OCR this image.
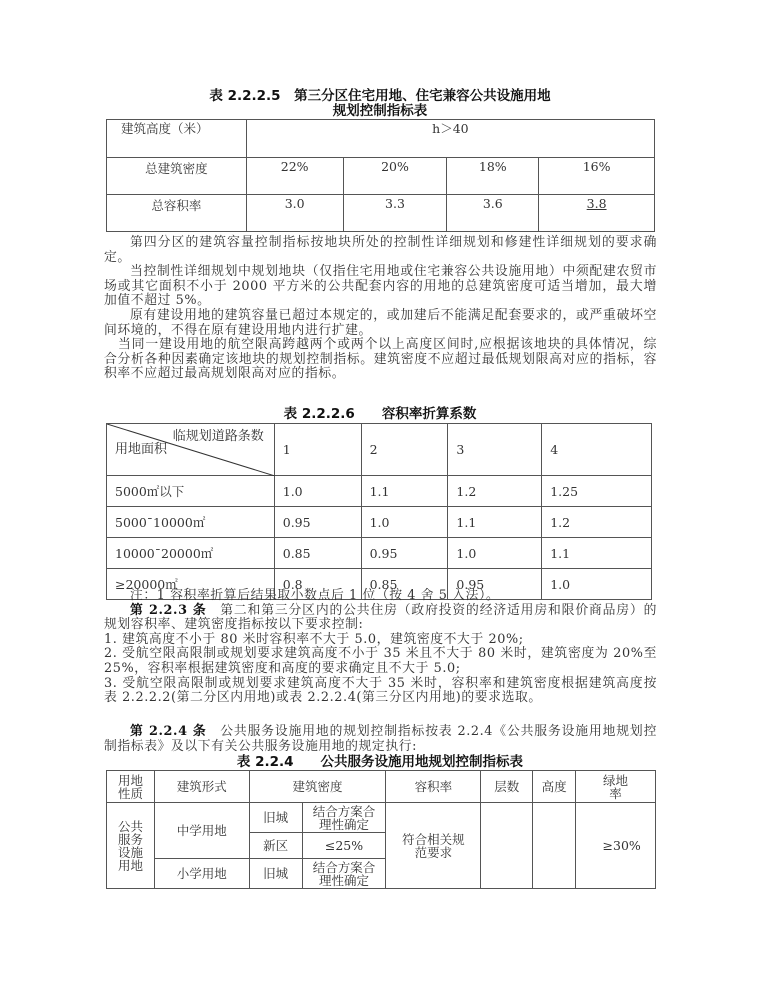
表 2.2.2.5　第三分区住宅用地、住宅兼容公共设施用地
规划控制指标表
建筑高度（米）	h＞40			

总建筑密度	22%	20%	18%	16%

总容积率	3.0	3.3	3.6	3.8

第四分区的建筑容量控制指标按地块所处的控制性详细规划和修建性详细规划的要求确定。

当控制性详细规划中规划地块（仅指住宅用地或住宅兼容公共设施用地）中须配建农贸市场或其它面积不小于 2000 平方米的公共配套内容的用地的总建筑密度可适当增加，最大增加值不超过 5%。

原有建设用地的建筑容量已超过本规定的，或加建后不能满足配套要求的，或严重破坏空间环境的，不得在原有建设用地内进行扩建。

当同一建设用地的航空限高跨越两个或两个以上高度区间时,应根据该地块的具体情况，综合分析各种因素确定该地块的规划控制指标。建筑密度不应超过最低规划限高对应的指标，容积率不应超过最高规划限高对应的指标。

表 2.2.2.6　　容积率折算系数
临规划道路条数
用地面积	1	2	3	4
5000㎡以下	1.0	1.1	1.2	1.25
5000¯10000㎡	0.95	1.0	1.1	1.2
10000¯20000㎡	0.85	0.95	1.0	1.1
≥20000㎡	0.8	0.85	0.95	1.0

注：1 容积率折算后结果取小数点后 1 位（按 4 舍 5 入法）。

第 2.2.3 条　第二和第三分区内的公共住房（政府投资的经济适用房和限价商品房）的规划容积率、建筑密度指标按以下要求控制:

1. 建筑高度不小于 80 米时容积率不大于 5.0，建筑密度不大于 20%;

2. 受航空限高限制或规划要求建筑高度不小于 35 米且不大于 80 米时，建筑密度为 20%至 25%，容积率根据建筑密度和高度的要求确定且不大于 5.0;

3. 受航空限高限制或规划要求建筑高度不大于 35 米时，容积率和建筑密度根据建筑高度按表 2.2.2.2(第二分区内用地)或表 2.2.2.4(第三分区内用地)的要求选取。

第 2.2.4 条　公共服务设施用地的规划控制指标按表 2.2.4《公共服务设施用地规划控制指标表》及以下有关公共服务设施用地的规定执行:

表 2.2.4　　公共服务设施用地规划控制指标表
用地性质	建筑形式	建筑密度		容积率	层数	高度	绿地率

公共服务设施用地	中学用地	旧城	结合方案合理性确定	符合相关规范要求			≥30%

		新区	≤25%				
	小学用地	旧城	结合方案合理性确定				
